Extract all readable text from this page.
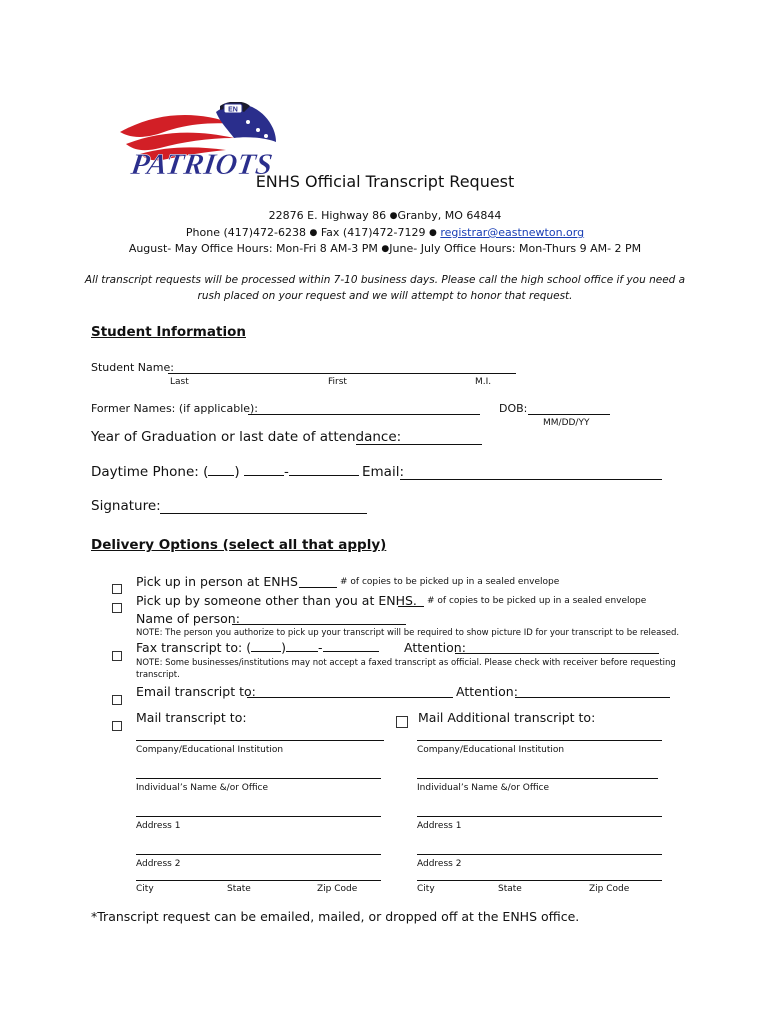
EN
PATRIOTS
ENHS Official Transcript Request
22876 E. Highway 86 ●Granby, MO 64844
Phone (417)472-6238 ● Fax (417)472-7129 ● registrar@eastnewton.org
August- May Office Hours: Mon-Fri 8 AM-3 PM ●June- July Office Hours: Mon-Thurs 9 AM- 2 PM
All transcript requests will be processed within 7-10 business days. Please call the high school office if you need a
rush placed on your request and we will attempt to honor that request.
Student Information
Student Name:
Last	First	M.I.
Former Names: (if applicable):	DOB:
MM/DD/YY
Year of Graduation or last date of attendance:
Daytime Phone: ( )	-	Email:
Signature:
Delivery Options (select all that apply)
Pick up in person at ENHS	# of copies to be picked up in a sealed envelope
Pick up by someone other than you at ENHS. # of copies to be picked up in a sealed envelope
Name of person:
NOTE: The person you authorize to pick up your transcript will be required to show picture ID for your transcript to be released.
Fax transcript to: ( )	-	Attention:
NOTE: Some businesses/institutions may not accept a faxed transcript as official. Please check with receiver before requesting
transcript.
Email transcript to:	Attention:
Mail transcript to:	Mail Additional transcript to:
Company/Educational Institution
Individual’s Name &/or Office
Address 1
Address 2
City	State	Zip Code
Company/Educational Institution
Individual’s Name &/or Office
Address 1
Address 2
City	State	Zip Code
*Transcript request can be emailed, mailed, or dropped off at the ENHS office.
